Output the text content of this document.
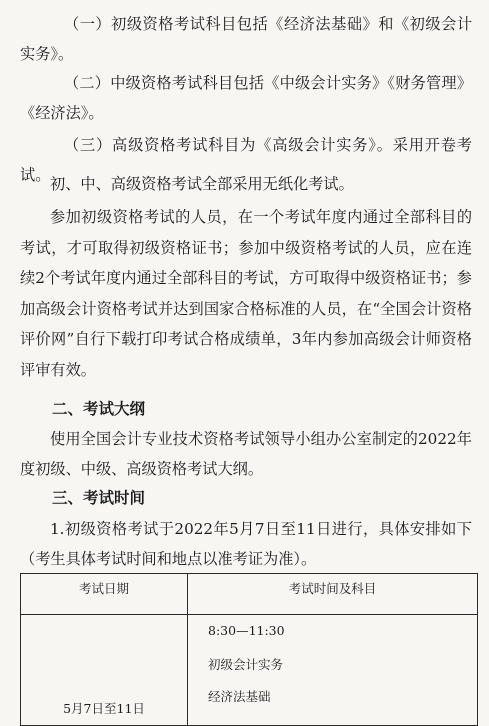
（一）初级资格考试科目包括《经济法基础》和《初级会计实务》。
（二）中级资格考试科目包括《中级会计实务》《财务管理》《经济法》。
（三）高级资格考试科目为《高级会计实务》。采用开卷考试。
初、中、高级资格考试全部采用无纸化考试。
参加初级资格考试的人员，在一个考试年度内通过全部科目的考试，才可取得初级资格证书；参加中级资格考试的人员，应在连续2个考试年度内通过全部科目的考试，方可取得中级资格证书；参加高级会计资格考试并达到国家合格标准的人员，在“全国会计资格评价网”自行下载打印考试合格成绩单，3年内参加高级会计师资格评审有效。
二、考试大纲
使用全国会计专业技术资格考试领导小组办公室制定的2022年度初级、中级、高级资格考试大纲。
三、考试时间
1.初级资格考试于2022年5月7日至11日进行，具体安排如下（考生具体考试时间和地点以准考证为准）。
考试日期	考试时间及科目

5月7日至11日	8:30—11:30
初级会计实务
经济法基础
